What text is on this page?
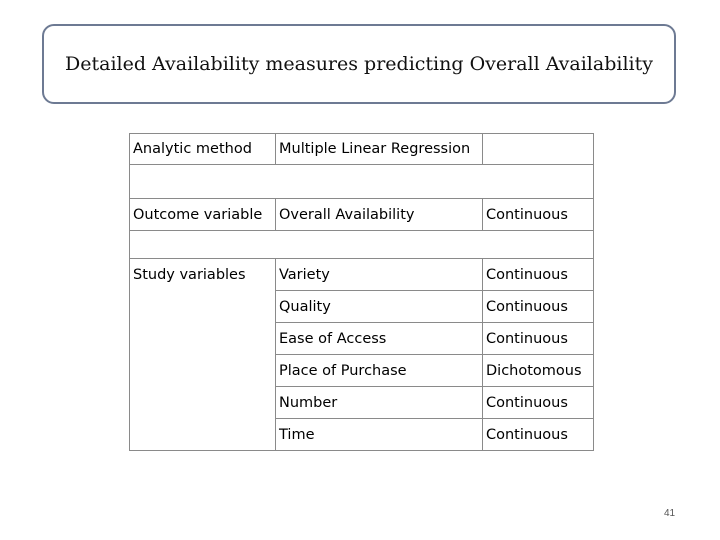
Detailed Availability measures predicting Overall Availability
Analytic method	Multiple Linear Regression	

Outcome variable	Overall Availability	Continuous

Study variables	Variety	Continuous
	Quality	Continuous
	Ease of Access	Continuous
	Place of Purchase	Dichotomous
	Number	Continuous
	Time	Continuous
41
